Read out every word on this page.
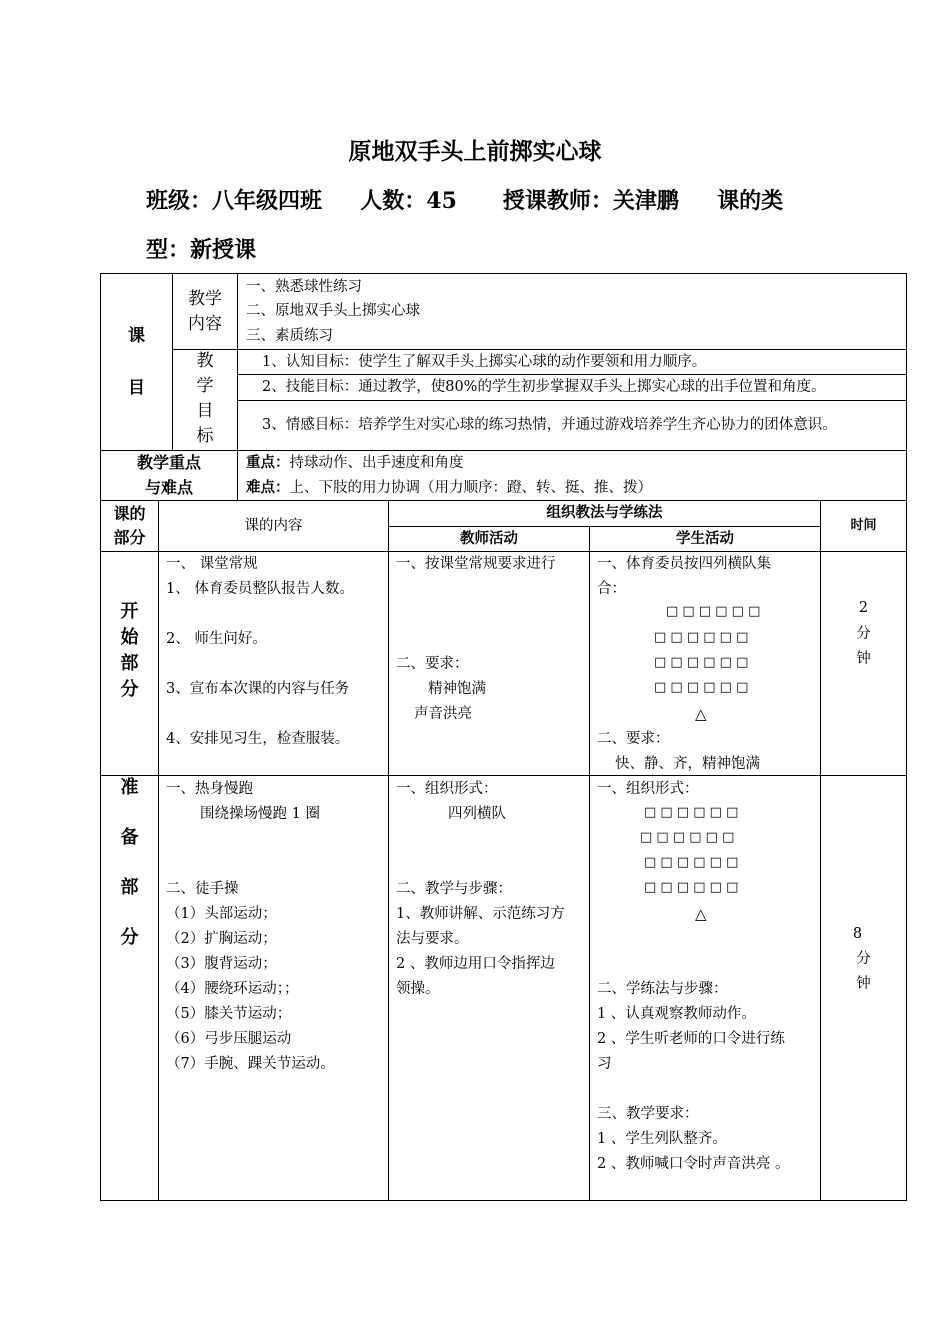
原地双手头上前掷实心球
班级：八年级四班     人数：45      授课教师：关津鹏     课的类
型：新授课
课
目
教学
内容
一、熟悉球性练习
二、原地双手头上掷实心球
三、素质练习
教
学
目
标
1、认知目标：使学生了解双手头上掷实心球的动作要领和用力顺序。
2、技能目标：通过教学，使80%的学生初步掌握双手头上掷实心球的出手位置和角度。
3、情感目标：培养学生对实心球的练习热情，并通过游戏培养学生齐心协力的团体意识。
教学重点
与难点
重点：持球动作、出手速度和角度
难点：上、下肢的用力协调（用力顺序：蹬、转、挺、推、拨）
课的
部分
课的内容
组织教法与学练法
教师活动	学生活动
时间
开
始
部
分
一、 课堂常规
1、 体育委员整队报告人数。
2、 师生问好。
3、宣布本次课的内容与任务
4、安排见习生，检查服装。
一、按课堂常规要求进行
二、要求：
精神饱满
声音洪亮
一、体育委员按四列横队集
合：
□ □ □ □ □ □
□ □ □ □ □ □
□ □ □ □ □ □
□ □ □ □ □ □
△
二、要求：
快、静、齐，精神饱满
2
分
钟
准
备
部
分
一、热身慢跑
围绕操场慢跑 1 圈
二、徒手操
（1）头部运动；
（2）扩胸运动；
（3）腹背运动；
（4）腰绕环运动；；
（5）膝关节运动；
（6）弓步压腿运动
（7）手腕、踝关节运动。
一、组织形式：
四列横队
二、教学与步骤：
1、教师讲解、示范练习方
法与要求。
2 、教师边用口令指挥边
领操。
一、组织形式：
□ □ □ □ □ □
□ □ □ □ □ □
□ □ □ □ □ □
□ □ □ □ □ □
△
二、学练法与步骤：
1 、认真观察教师动作。
2 、学生听老师的口令进行练
习
三、教学要求：
1 、学生列队整齐。
2 、教师喊口令时声音洪亮 。
8
分
钟
